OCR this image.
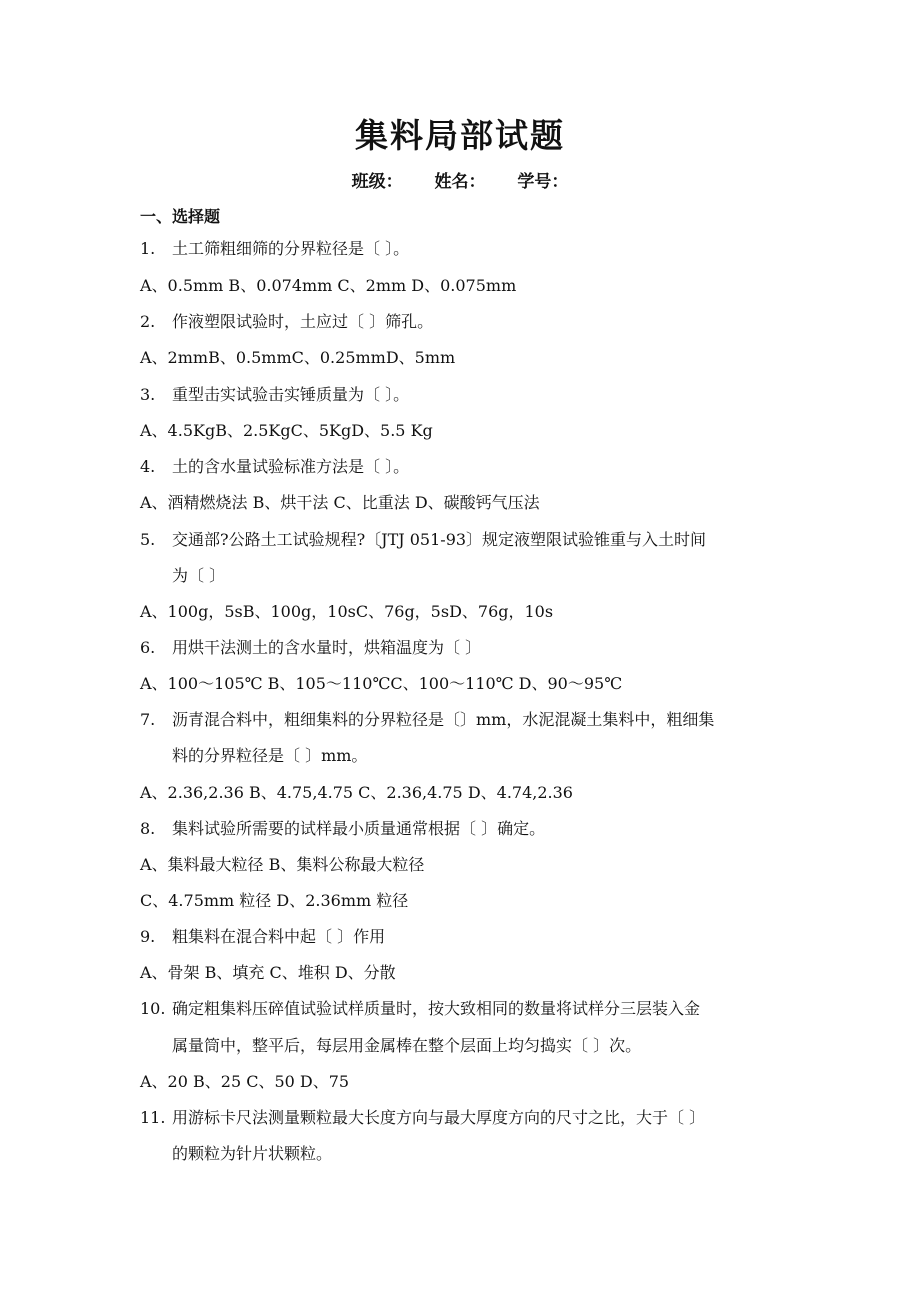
集料局部试题
班级： 姓名： 学号：
一、选择题
1.	土工筛粗细筛的分界粒径是〔 〕。
A、0.5mm B、0.074mm C、2mm D、0.075mm
2.	作液塑限试验时，土应过〔 〕筛孔。
A、2mmB、0.5mmC、0.25mmD、5mm
3.	重型击实试验击实锤质量为〔 〕。
A、4.5KgB、2.5KgC、5KgD、5.5 Kg
4.	土的含水量试验标准方法是〔 〕。
A、酒精燃烧法 B、烘干法 C、比重法 D、碳酸钙气压法
5.	交通部?公路土工试验规程?〔JTJ 051-93〕规定液塑限试验锥重与入土时间
为〔 〕
A、100g，5sB、100g，10sC、76g，5sD、76g，10s
6.	用烘干法测土的含水量时，烘箱温度为〔 〕
A、100～105℃ B、105～110℃C、100～110℃ D、90～95℃
7.	沥青混合料中，粗细集料的分界粒径是〔〕mm，水泥混凝土集料中，粗细集
料的分界粒径是〔 〕mm。
A、2.36,2.36 B、4.75,4.75 C、2.36,4.75 D、4.74,2.36
8.	集料试验所需要的试样最小质量通常根据〔 〕确定。
A、集料最大粒径 B、集料公称最大粒径
C、4.75mm 粒径 D、2.36mm 粒径
9.	粗集料在混合料中起〔 〕作用
A、骨架 B、填充 C、堆积 D、分散
10. 确定粗集料压碎值试验试样质量时，按大致相同的数量将试样分三层装入金
属量筒中，整平后，每层用金属棒在整个层面上均匀捣实〔 〕次。
A、20 B、25 C、50 D、75
11. 用游标卡尺法测量颗粒最大长度方向与最大厚度方向的尺寸之比，大于〔 〕
的颗粒为针片状颗粒。
